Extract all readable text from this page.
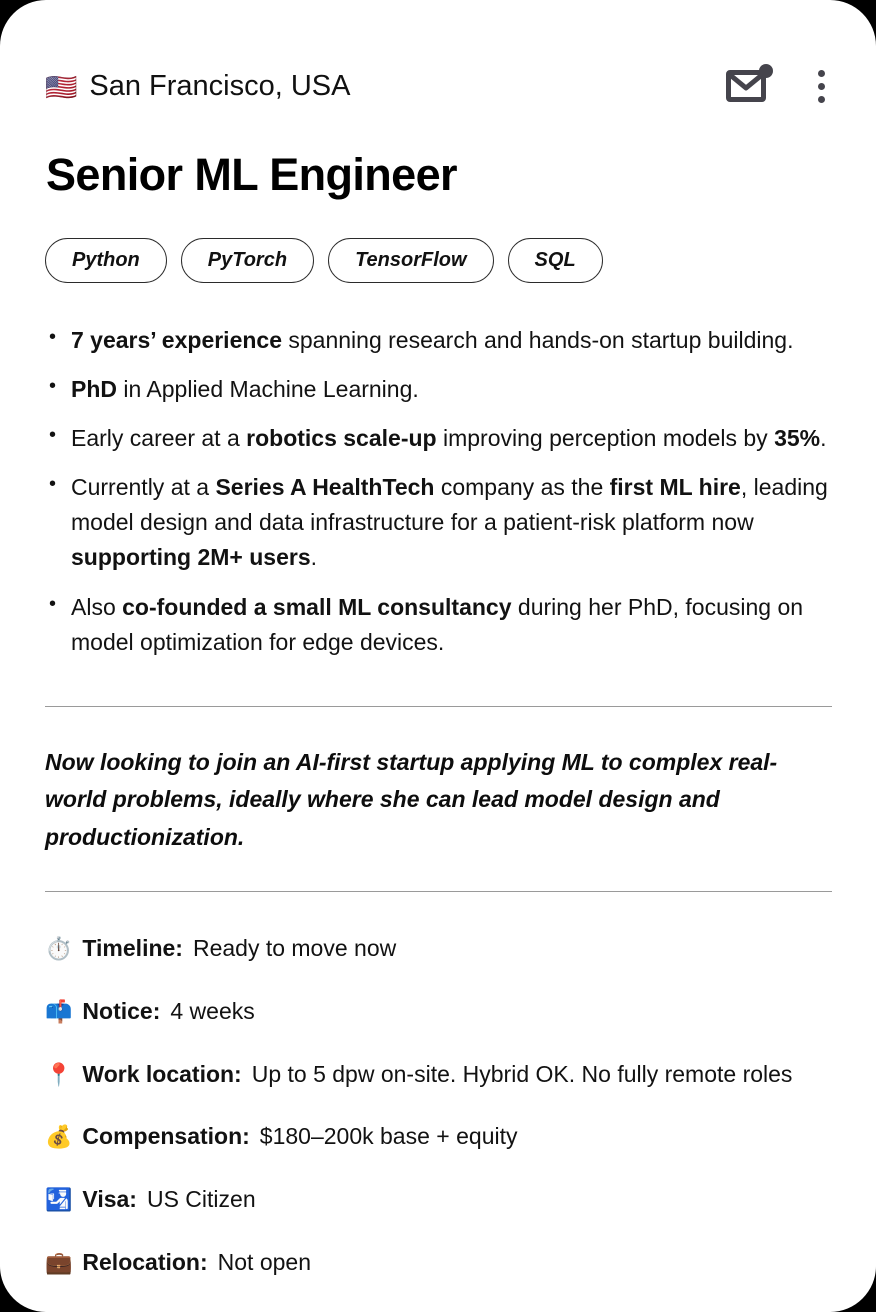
🇺🇸 San Francisco, USA
Senior ML Engineer
Python	PyTorch	TensorFlow	SQL
• 7 years’ experience spanning research and hands-on startup building.
• PhD in Applied Machine Learning.
• Early career at a robotics scale-up improving perception models by 35%.
• Currently at a Series A HealthTech company as the first ML hire, leading model design and data infrastructure for a patient-risk platform now supporting 2M+ users.
• Also co-founded a small ML consultancy during her PhD, focusing on model optimization for edge devices.

Now looking to join an AI-first startup applying ML to complex real-world problems, ideally where she can lead model design and productionization.

⏱️ Timeline: Ready to move now
📫 Notice: 4 weeks
📍 Work location: Up to 5 dpw on-site. Hybrid OK. No fully remote roles
💰 Compensation: $180–200k base + equity
🛂 Visa: US Citizen
💼 Relocation: Not open
